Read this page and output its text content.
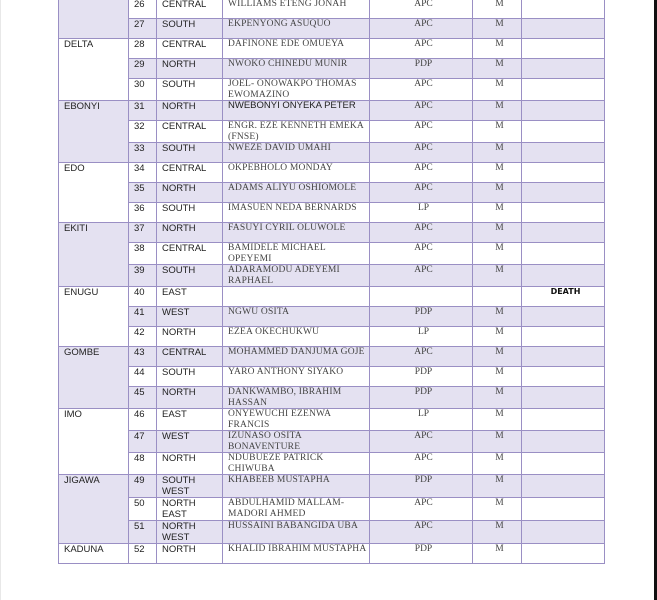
	26	CENTRAL	WILLIAMS ETENG JONAH	APC	M	
	27	SOUTH	EKPENYONG ASUQUO	APC	M	
DELTA	28	CENTRAL	DAFINONE EDE OMUEYA	APC	M	
	29	NORTH	NWOKO CHINEDU MUNIR	PDP	M	
	30	SOUTH	JOEL- ONOWAKPO THOMAS EWOMAZINO	APC	M	
EBONYI	31	NORTH	NWEBONYI ONYEKA PETER	APC	M	
	32	CENTRAL	ENGR. EZE KENNETH EMEKA (FNSE)	APC	M	
	33	SOUTH	NWEZE DAVID UMAHI	APC	M	
EDO	34	CENTRAL	OKPEBHOLO MONDAY	APC	M	
	35	NORTH	ADAMS ALIYU OSHIOMOLE	APC	M	
	36	SOUTH	IMASUEN NEDA BERNARDS	LP	M	
EKITI	37	NORTH	FASUYI CYRIL OLUWOLE	APC	M	
	38	CENTRAL	BAMIDELE MICHAEL OPEYEMI	APC	M	
	39	SOUTH	ADARAMODU ADEYEMI RAPHAEL	APC	M	
ENUGU	40	EAST				DEATH
	41	WEST	NGWU OSITA	PDP	M	
	42	NORTH	EZEA OKECHUKWU	LP	M	
GOMBE	43	CENTRAL	MOHAMMED DANJUMA GOJE	APC	M	
	44	SOUTH	YARO ANTHONY SIYAKO	PDP	M	
	45	NORTH	DANKWAMBO, IBRAHIM HASSAN	PDP	M	
IMO	46	EAST	ONYEWUCHI EZENWA FRANCIS	LP	M	
	47	WEST	IZUNASO OSITA BONAVENTURE	APC	M	
	48	NORTH	NDUBUEZE PATRICK CHIWUBA	APC	M	
JIGAWA	49	SOUTH WEST	KHABEEB MUSTAPHA	PDP	M	
	50	NORTH EAST	ABDULHAMID MALLAM-MADORI AHMED	APC	M	
	51	NORTH WEST	HUSSAINI BABANGIDA UBA	APC	M	
KADUNA	52	NORTH	KHALID IBRAHIM MUSTAPHA	PDP	M	
